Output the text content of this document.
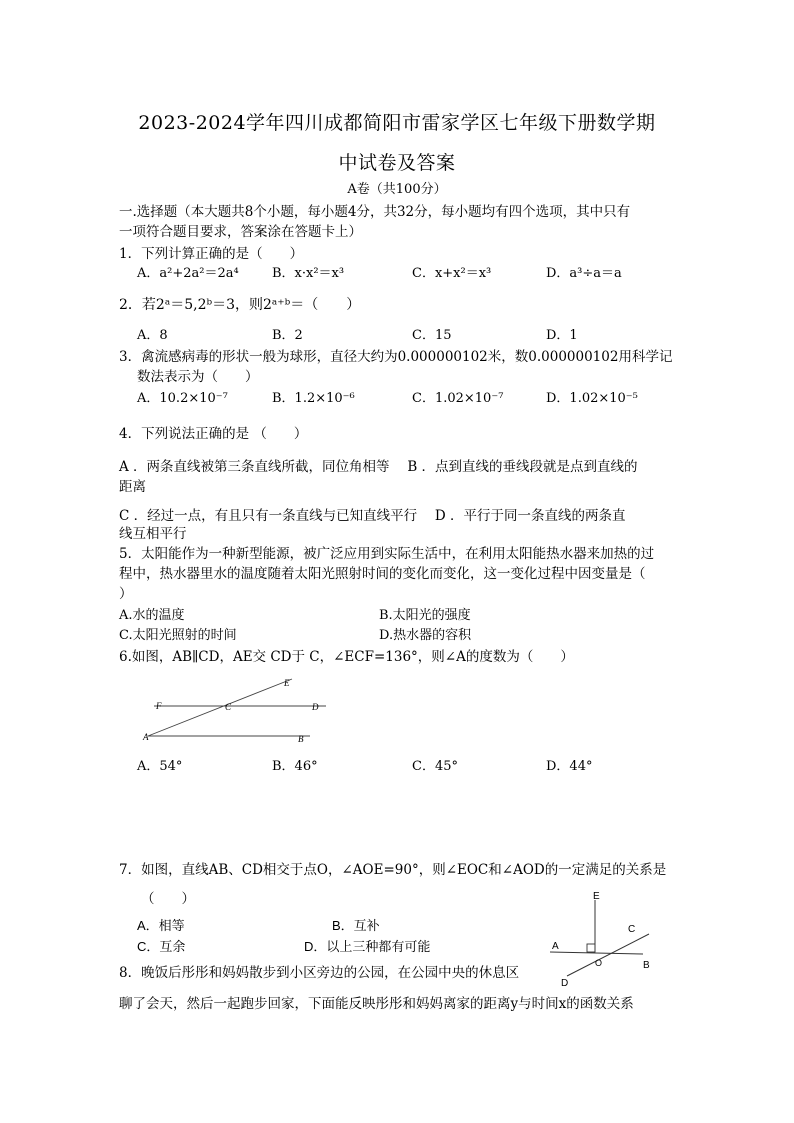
2023-2024学年四川成都简阳市雷家学区七年级下册数学期
中试卷及答案
A卷（共100分）
一.选择题（本大题共8个小题，每小题4分，共32分，每小题均有四个选项，其中只有
一项符合题目要求，答案涂在答题卡上）
1．下列计算正确的是（　　）
A．a²+2a²＝2a⁴	B．x·x²＝x³	C．x+x²＝x³	D．a³÷a＝a
2．若2ᵃ＝5,2ᵇ＝3，则2ᵃ⁺ᵇ＝（　　）
A．8	B．2	C．15	D．1
3．禽流感病毒的形状一般为球形，直径大约为0.000000102米，数0.000000102用科学记
数法表示为（　　）
A．10.2×10⁻⁷	B．1.2×10⁻⁶	C．1.02×10⁻⁷	D．1.02×10⁻⁵
4．下列说法正确的是 （　　）
A ．两条直线被第三条直线所截，同位角相等　 B ．点到直线的垂线段就是点到直线的
距离
C ．经过一点，有且只有一条直线与已知直线平行　 D ．平行于同一条直线的两条直
线互相平行
5．太阳能作为一种新型能源，被广泛应用到实际生活中，在利用太阳能热水器来加热的过
程中，热水器里水的温度随着太阳光照射时间的变化而变化，这一变化过程中因变量是（
）
A.水的温度	B.太阳光的强度
C.太阳光照射的时间	D.热水器的容积
6.如图，AB∥CD，AE交 CD于 C，∠ECF=136°，则∠A的度数为（　　）
E
F	C	D
A	B
A．54°	B．46°	C．45°	D．44°
7．如图，直线AB、CD相交于点O，∠AOE=90°，则∠EOC和∠AOD的一定满足的关系是
（　　）
A．相等	B．互补
C．互余	D．以上三种都有可能
E
C
A
O	B
D
8．晚饭后彤彤和妈妈散步到小区旁边的公园，在公园中央的休息区
聊了会天，然后一起跑步回家，下面能反映彤彤和妈妈离家的距离y与时间x的函数关系
